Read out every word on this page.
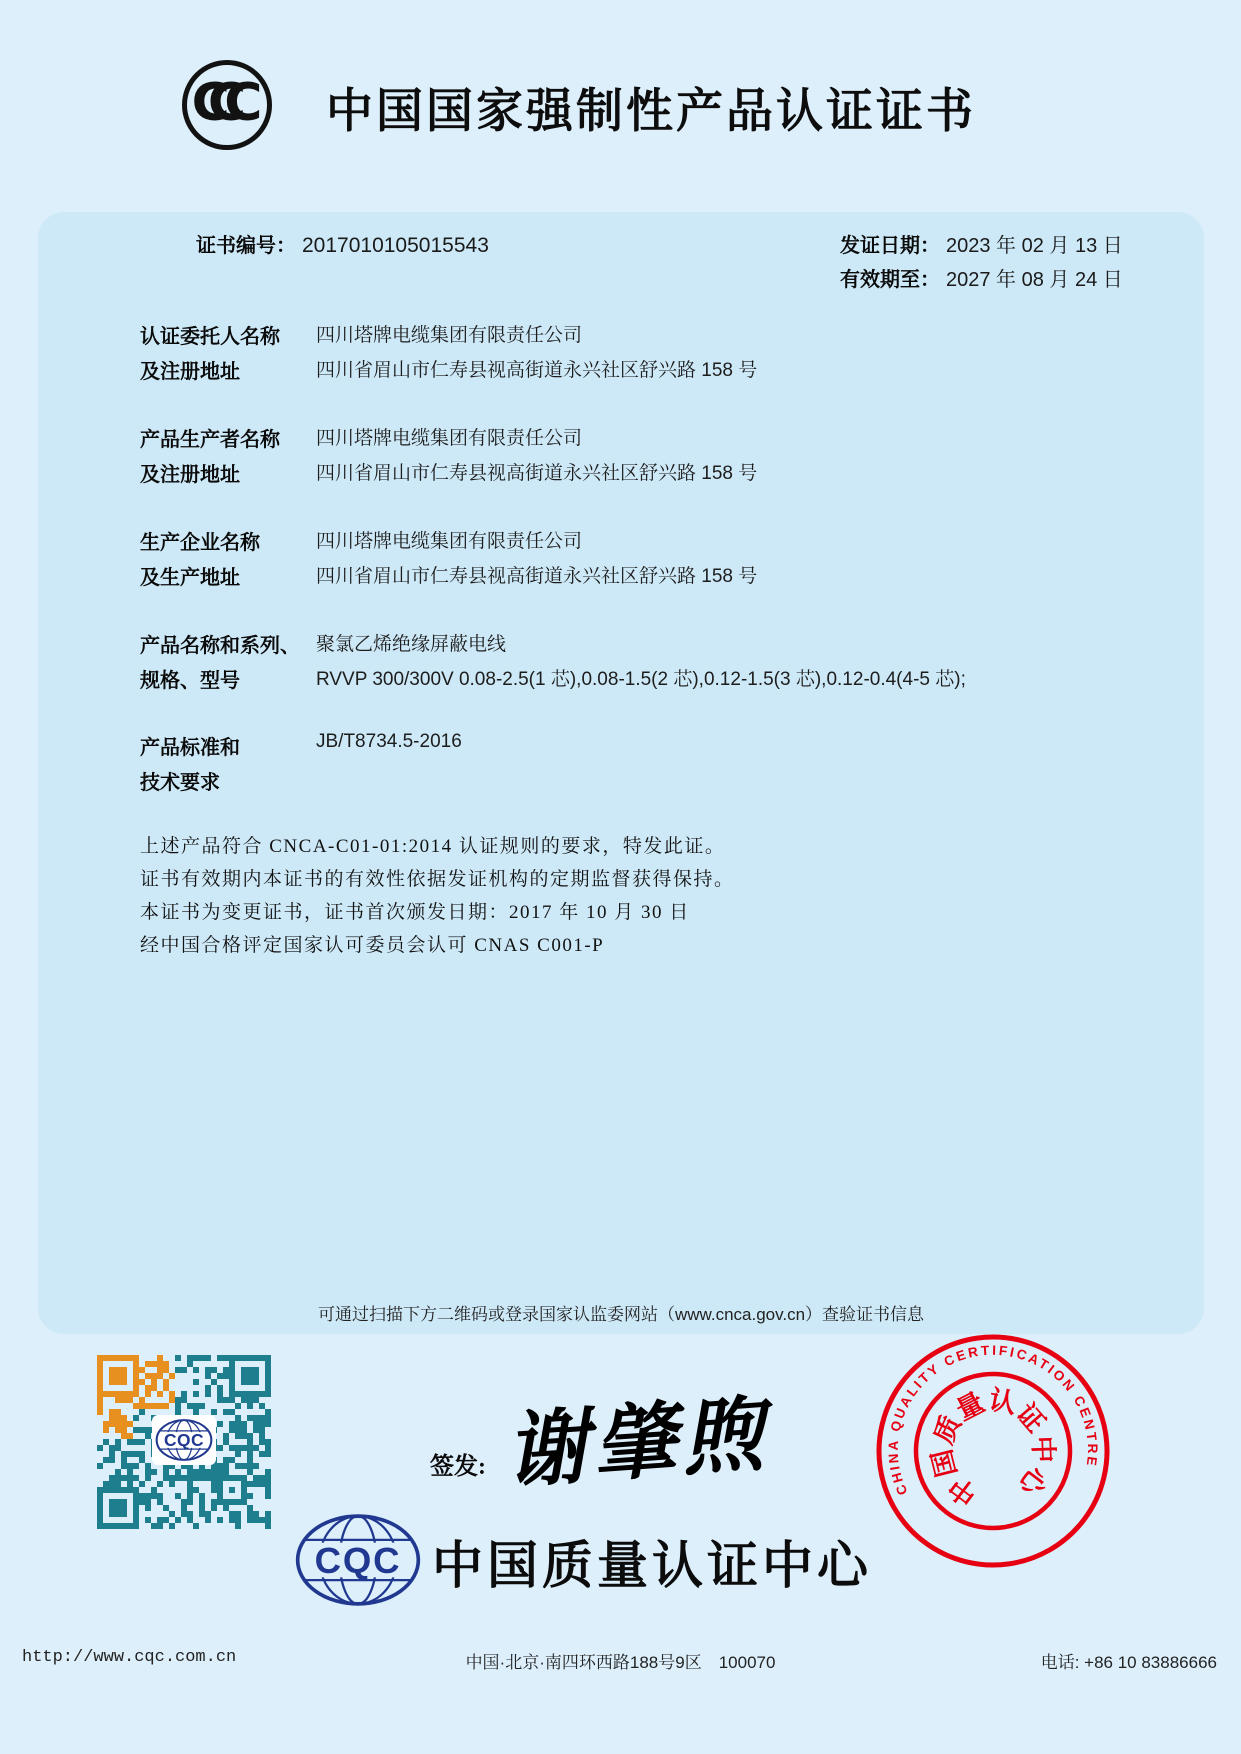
CCC 中国国家强制性产品认证证书
证书编号： 2017010105015543	发证日期： 2023 年 02 月 13 日
有效期至： 2027 年 08 月 24 日
认证委托人名称	四川塔牌电缆集团有限责任公司
及注册地址	四川省眉山市仁寿县视高街道永兴社区舒兴路 158 号
产品生产者名称	四川塔牌电缆集团有限责任公司
及注册地址	四川省眉山市仁寿县视高街道永兴社区舒兴路 158 号
生产企业名称	四川塔牌电缆集团有限责任公司
及生产地址	四川省眉山市仁寿县视高街道永兴社区舒兴路 158 号
产品名称和系列、 聚氯乙烯绝缘屏蔽电线
规格、型号	RVVP 300/300V 0.08-2.5(1 芯),0.08-1.5(2 芯),0.12-1.5(3 芯),0.12-0.4(4-5 芯);
产品标准和	JB/T8734.5-2016
技术要求
上述产品符合 CNCA-C01-01:2014 认证规则的要求，特发此证。
证书有效期内本证书的有效性依据发证机构的定期监督获得保持。
本证书为变更证书，证书首次颁发日期：2017 年 10 月 30 日
经中国合格评定国家认可委员会认可 CNAS C001-P
可通过扫描下方二维码或登录国家认监委网站（www.cnca.gov.cn）查验证书信息
CQC
签发: 谢肇煦	CHINA QUALITY CERTIFICATION CENTRE
中
国
质
量
认
证
中
心
CQC 中国质量认证中心
http://www.cqc.com.cn	中国·北京·南四环西路188号9区　100070	电话: +86 10 83886666
